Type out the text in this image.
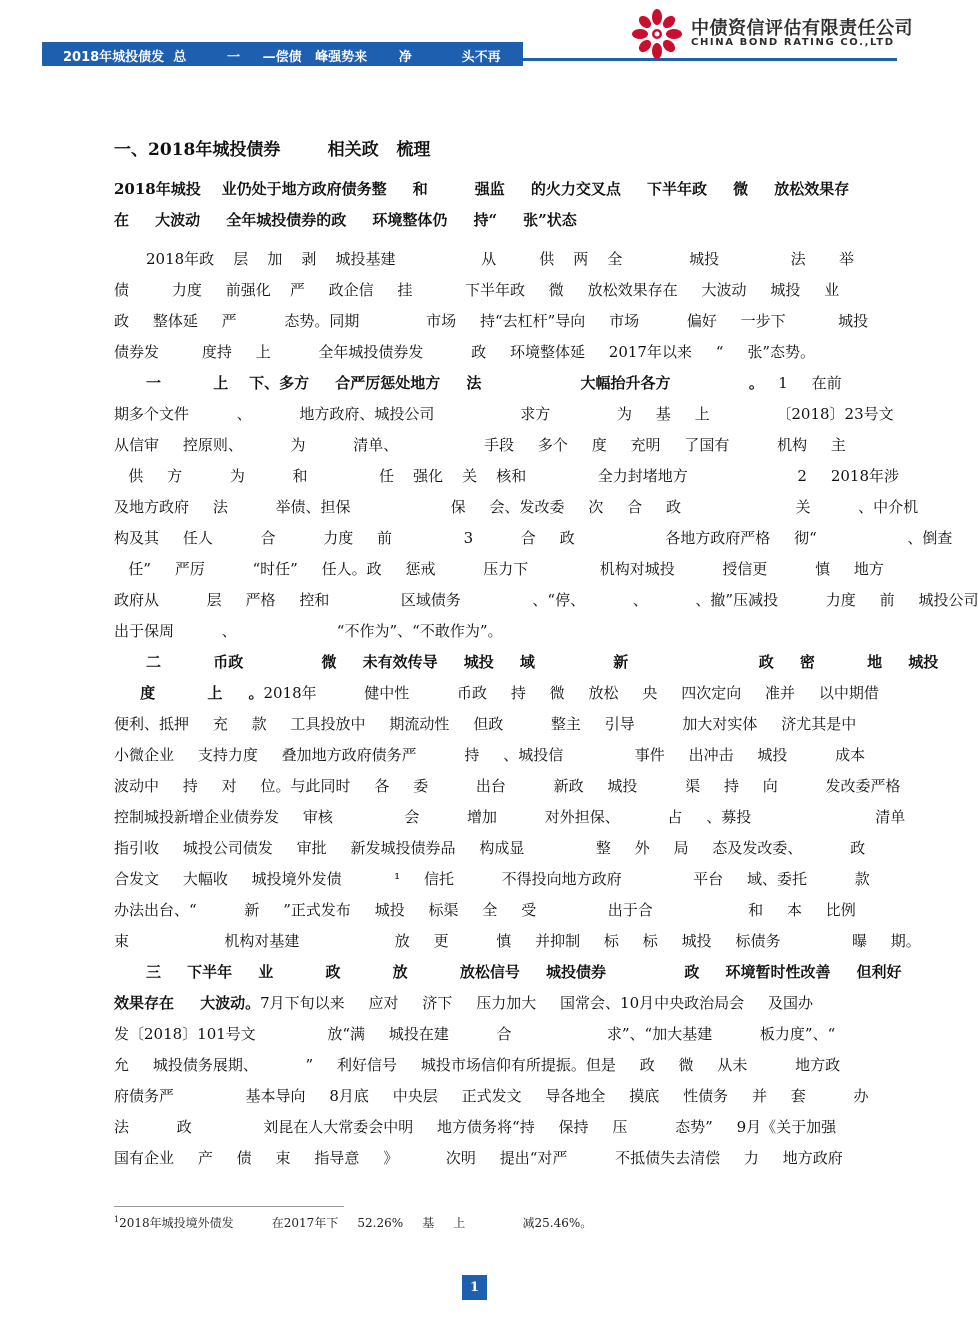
2018年城投债发  总         一     —偿债   峰强势来       净           头不再
中债资信评估有限责任公司
CHINA BOND RATING CO.,LTD
一、2018年城投债券        相关政   梳理
2018年城投    业仍处于地方政府债务整     和         强监     的火力交叉点     下半年政     微     放松效果存
在     大波动     全年城投债券的政     环境整体仍     持“     张”状态
2018年政    层    加    剥    城投基建                  从         供    两    全              城投               法       举
债         力度     前强化    严     政企信     挂           下半年政     微     放松效果存在     大波动     城投     业
政     整体延     严          态势。同期              市场     持“去杠杆”导向     市场          偏好     一步下           城投
债券发         度持     上          全年城投债券发          政     环境整体延     2017年以来     “     张”态势。
一          上    下、多方     合严厉惩处地方     法                   大幅抬升各方               。   1     在前
期多个文件          、          地方政府、城投公司                  求方              为     基     上              〔2018〕23号文
从信审     控原则、          为          清单、                  手段     多个     度     充明     了国有          机构     主
供     方          为          和               任    强化    关    核和               全力封堵地方                       2     2018年涉
及地方政府     法          举债、担保                     保     会、发改委     次     合     政                        关          、中介机
构及其     任人          合          力度     前               3          合     政                   各地方政府严格     彻“                   、倒查
任”     严厉          “时任”     任人。政     惩戒          压力下               机构对城投          授信更          慎     地方
政府从          层     严格     控和               区域债务               、“停、          、          、撤”压减投          力度     前     城投公司
出于保周          、                     “不作为”、“不敢作为”。
二          币政               微     未有效传导     城投     域               新                         政     密          地     城投
度          上     。2018年          健中性          币政     持     微     放松     央     四次定向     准并     以中期借
便利、抵押     充     款     工具投放中     期流动性     但政          整主     引导          加大对实体     济尤其是中
小微企业     支持力度     叠加地方政府债务严          持     、城投信               事件     出冲击     城投          成本
波动中     持     对     位。与此同时     各     委          出台          新政     城投          渠     持     向          发改委严格
控制城投新增企业债券发     审核               会          增加          对外担保、          占     、募投                          清单
指引收     城投公司债发     审批     新发城投债券品     构成显               整     外     局     态及发改委、          政
合发文     大幅收     城投境外发债           ¹     信托          不得投向地方政府               平台     域、委托          款
办法出台、“          新     ”正式发布     城投     标渠     全     受               出于合                    和     本     比例
束                    机构对基建                    放     更          慎     并抑制     标     标     城投     标债务               曝     期。
三     下半年     业          政          放          放松信号     城投债券               政     环境暂时性改善     但利好
效果存在     大波动。7月下旬以来     应对     济下     压力加大     国常会、10月中央政治局会     及国办
发〔2018〕101号文               放“满     城投在建          合                    求”、“加大基建          板力度”、“
允     城投债务展期、          ”     利好信号     城投市场信仰有所提振。但是     政     微     从未          地方政
府债务严               基本导向     8月底     中央层     正式发文     导各地全     摸底     性债务     并     套          办
法          政               刘昆在人大常委会中明     地方债务将“持     保持     压          态势”     9月《关于加强
国有企业     产     债     束     指导意     》          次明     提出“对严          不抵债失去清偿     力     地方政府
$^1$2018年城投境外债发          在2017年下     52.26%     基     上               减25.46%。
1
